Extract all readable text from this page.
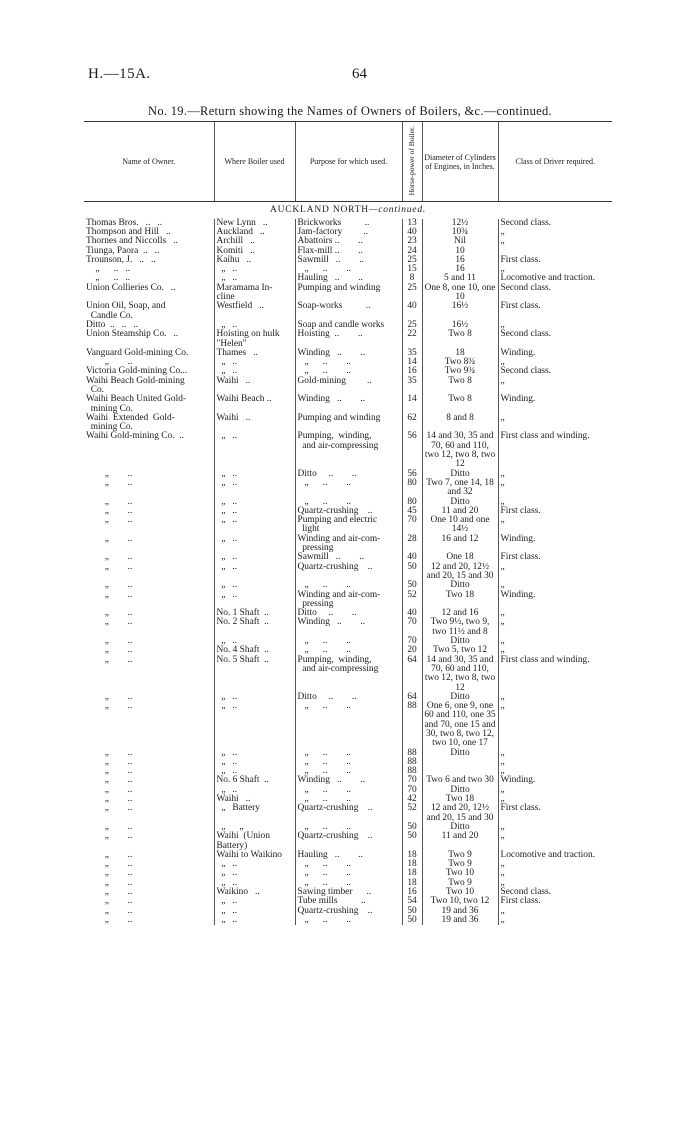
H.—15A.	64
No. 19.—Return showing the Names of Owners of Boilers, &c.—continued.
Name of Owner.	Where Boiler used	Purpose for which used.	Horse-power of Boiler.	Diameter of Cylinders of Engines, in Inches.	Class of Driver required.
AUCKLAND NORTH—continued.					
Thomas Bros.   ..   ..	New Lynn   ..	Brickworks          ..	13	12½	Second class.
Thompson and Hill   ..	Auckland   ..	Jam-factory         ..	40	10¾	„
Thornes and Niccolls   ..	Archill   ..	Abattoirs ..        ..	23	Nil	„
Tiunga, Paora  ..   ..	Komiti   ..	Flax-mill ..        ..	24	10	
Trounson, J.   ..   ..	Kaihu   ..	Sawmill   ..        ..	25	16	First class.
„      ..   ..	„   ..	„      ..        ..	15	16	„
„      ..   ..	„   ..	Hauling   ..        ..	8	5 and 11	Locomotive and traction.
Union Collieries Co.   ..	Maramama In-
cline	Pumping and winding	25	One 8, one 10, one 10	Second class.
Union Oil, Soap, and
Candle Co.	Westfield   ..	Soap-works          ..	40	16½	First class.
Ditto  ..   ..   ..	„   ..	Soap and candle works	25	16½	„
Union Steamship Co.   ..	Hoisting on hulk
"Helen"	Hoisting  ..        ..	22	Two 8	Second class.
Vanguard Gold-mining Co.	Thames   ..	Winding   ..        ..	35	18	Winding.
„        ..	„   ..	„      ..        ..	14	Two 8¾	„
Victoria Gold-mining Co...	„   ..	„      ..        ..	16	Two 9¾	Second class.
Waihi Beach Gold-mining
Co.	Waihi   ..	Gold-mining         ..	35	Two 8	„
Waihi Beach United Gold-
mining Co.	Waihi Beach ..	Winding   ..        ..	14	Two 8	Winding.
Waihi  Extended  Gold-
mining Co.	Waihi   ..	Pumping and winding	62	8 and 8	„
Waihi Gold-mining Co.  ..	„   ..	Pumping,  winding,
and air-compressing	56	14 and 30, 35 and 70, 60 and 110, two 12, two 8, two 12	First class and winding.
„        ..	„   ..	Ditto     ..        ..	56	Ditto	„
„        ..	„   ..	„      ..        ..	80	Two 7, one 14, 18 and 32	„
„        ..	„   ..	„      ..        ..	80	Ditto	„
„        ..	„   ..	Quartz-crushing    ..	45	11 and 20	First class.
„        ..	„   ..	Pumping and electric
light	70	One 10 and one 14½	„
„        ..	„   ..	Winding and air-com-
pressing	28	16 and 12	Winding.
„        ..	„   ..	Sawmill   ..        ..	40	One 18	First class.
„        ..	„   ..	Quartz-crushing    ..	50	12 and 20, 12½ and 20, 15 and 30	„
„        ..	„   ..	„      ..        ..	50	Ditto	„
„        ..	„   ..	Winding and air-com-
pressing	52	Two 18	Winding.
„        ..	No. 1 Shaft  ..	Ditto     ..        ..	40	12 and 16	„
„        ..	No. 2 Shaft  ..	Winding   ..        ..	70	Two 9½, two 9, two 11½ and 8	„
„        ..	„   ..	„      ..        ..	70	Ditto	„
„        ..	No. 4 Shaft  ..	„      ..        ..	20	Two 5, two 12	„
„        ..	No. 5 Shaft  ..	Pumping,  winding,
and air-compressing	64	14 and 30, 35 and 70, 60 and 110, two 12, two 8, two 12	First class and winding.
„        ..	„   ..	Ditto     ..        ..	64	Ditto	„
„        ..	„   ..	„      ..        ..	88	One 6, one 9, one 60 and 110, one 35 and 70, one 15 and 30, two 8, two 12, two 10, one 17	„
„        ..	„   ..	„      ..        ..	88	Ditto	„
„        ..	„   ..	„      ..        ..	88		„
„        ..	„   ..	„      ..        ..	88		„
„        ..	No. 6 Shaft  ..	Winding   ..        ..	70	Two 6 and two 30	Winding.
„        ..	„   ..	„      ..        ..	70	Ditto	„
„        ..	Waihi   ..	„      ..        ..	42	Two 18	„
„        ..	„   Battery	Quartz-crushing    ..	52	12 and 20, 12½ and 20, 15 and 30	First class.
„        ..	„      „	„      ..        ..	50	Ditto	„
„        ..	Waihi  (Union
Battery)	Quartz-crushing    ..	50	11 and 20	„
„        ..	Waihi to Waikino	Hauling   ..        ..	18	Two 9	Locomotive and traction.
„        ..	„   ..	„      ..        ..	18	Two 9	„
„        ..	„   ..	„      ..        ..	18	Two 10	„
„        ..	„   ..	„      ..        ..	18	Two 9	„
„        ..	Waikino   ..	Sawing timber      ..	16	Two 10	Second class.
„        ..	„   ..	Tube mills          ..	54	Two 10, two 12	First class.
„        ..	„   ..	Quartz-crushing    ..	50	19 and 36	„
„        ..	„   ..	„      ..        ..	50	19 and 36	„
